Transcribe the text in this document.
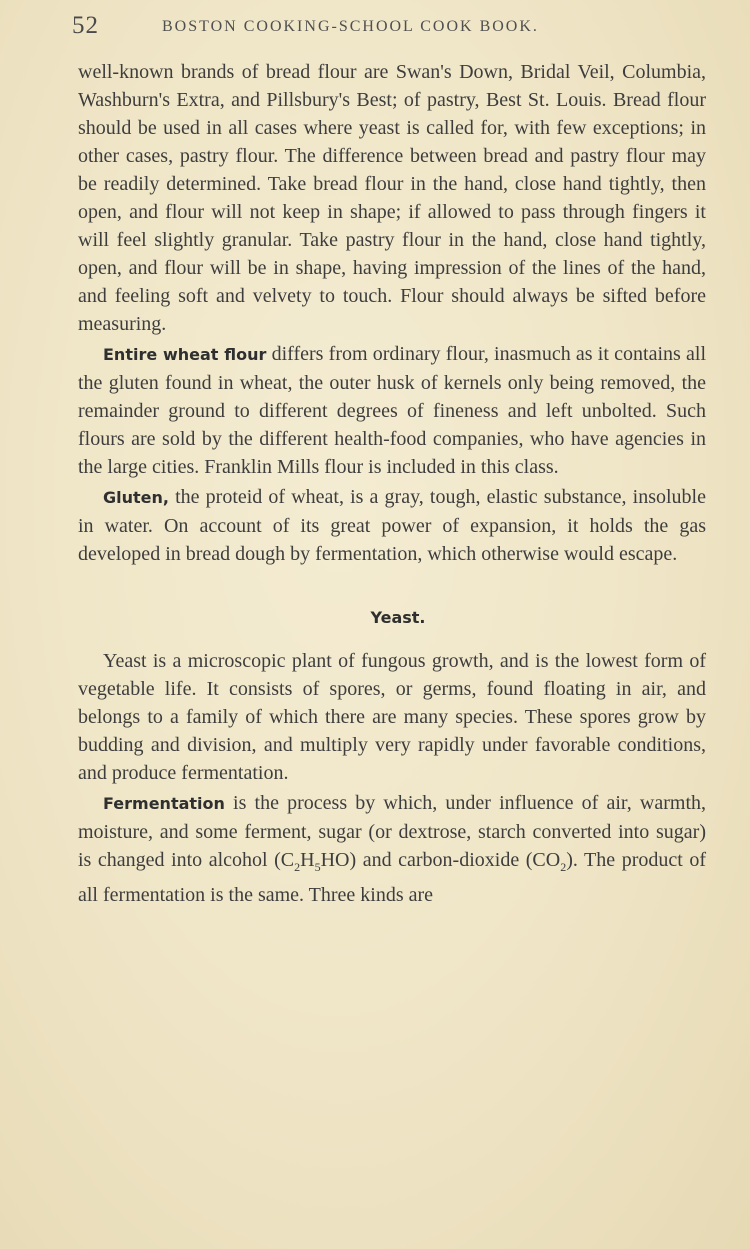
52	BOSTON COOKING-SCHOOL COOK BOOK.

well-known brands of bread flour are Swan's Down, Bridal Veil, Columbia, Washburn's Extra, and Pillsbury's Best; of pastry, Best St. Louis. Bread flour should be used in all cases where yeast is called for, with few exceptions; in other cases, pastry flour. The difference between bread and pastry flour may be readily determined. Take bread flour in the hand, close hand tightly, then open, and flour will not keep in shape; if allowed to pass through fingers it will feel slightly granular. Take pastry flour in the hand, close hand tightly, open, and flour will be in shape, having impression of the lines of the hand, and feeling soft and velvety to touch. Flour should always be sifted before measuring.

Entire wheat flour differs from ordinary flour, inasmuch as it contains all the gluten found in wheat, the outer husk of kernels only being removed, the remainder ground to different degrees of fineness and left unbolted. Such flours are sold by the different health-food companies, who have agencies in the large cities. Franklin Mills flour is included in this class.

Gluten, the proteid of wheat, is a gray, tough, elastic substance, insoluble in water. On account of its great power of expansion, it holds the gas developed in bread dough by fermentation, which otherwise would escape.

Yeast.

Yeast is a microscopic plant of fungous growth, and is the lowest form of vegetable life. It consists of spores, or germs, found floating in air, and belongs to a family of which there are many species. These spores grow by budding and division, and multiply very rapidly under favorable conditions, and produce fermentation.

Fermentation is the process by which, under influence of air, warmth, moisture, and some ferment, sugar (or dextrose, starch converted into sugar) is changed into alcohol $(C_2H_5HO)$ and carbon-dioxide $(CO_2)$. The product of all fermentation is the same. Three kinds are
